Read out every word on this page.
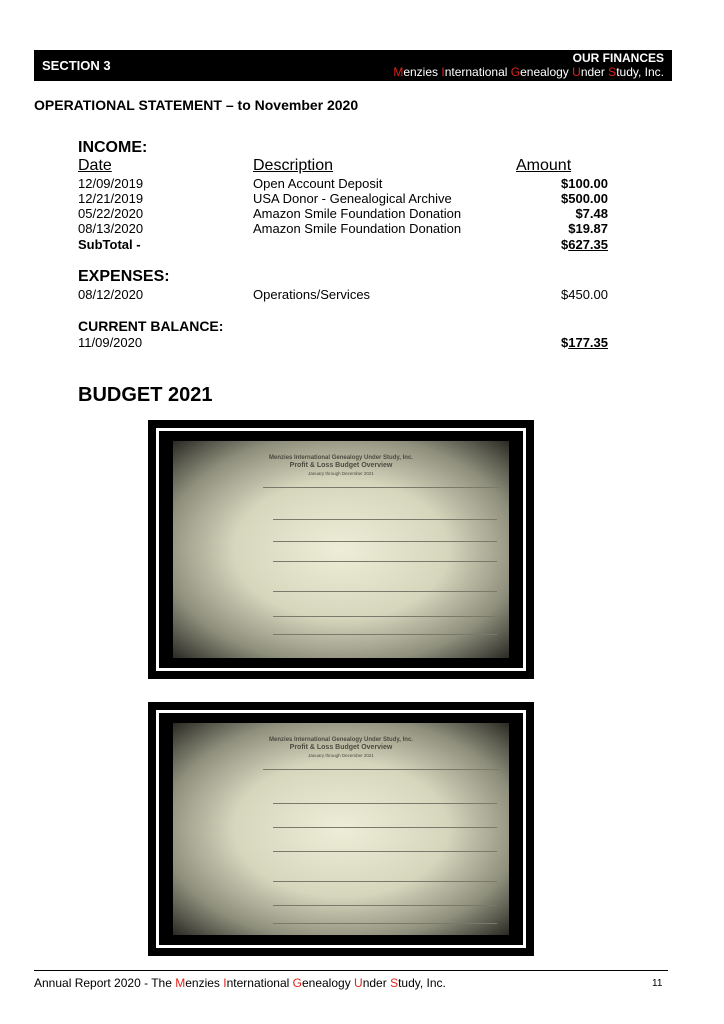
SECTION 3	OUR FINANCES
Menzies International Genealogy Under Study, Inc.
OPERATIONAL STATEMENT – to November 2020
INCOME:
Date	Description	Amount
12/09/2019	Open Account Deposit	$100.00
12/21/2019	USA Donor - Genealogical Archive	$500.00
05/22/2020	Amazon Smile Foundation Donation	$7.48
08/13/2020	Amazon Smile Foundation Donation	$19.87
SubTotal -	$627.35
EXPENSES:
08/12/2020	Operations/Services	$450.00
CURRENT BALANCE:
11/09/2020	$177.35
BUDGET 2021
Menzies International Genealogy Under Study, Inc.
Profit & Loss Budget Overview
January through December 2021
Menzies International Genealogy Under Study, Inc.
Profit & Loss Budget Overview
January through December 2021
Annual Report 2020 - The Menzies International Genealogy Under Study, Inc.	11
